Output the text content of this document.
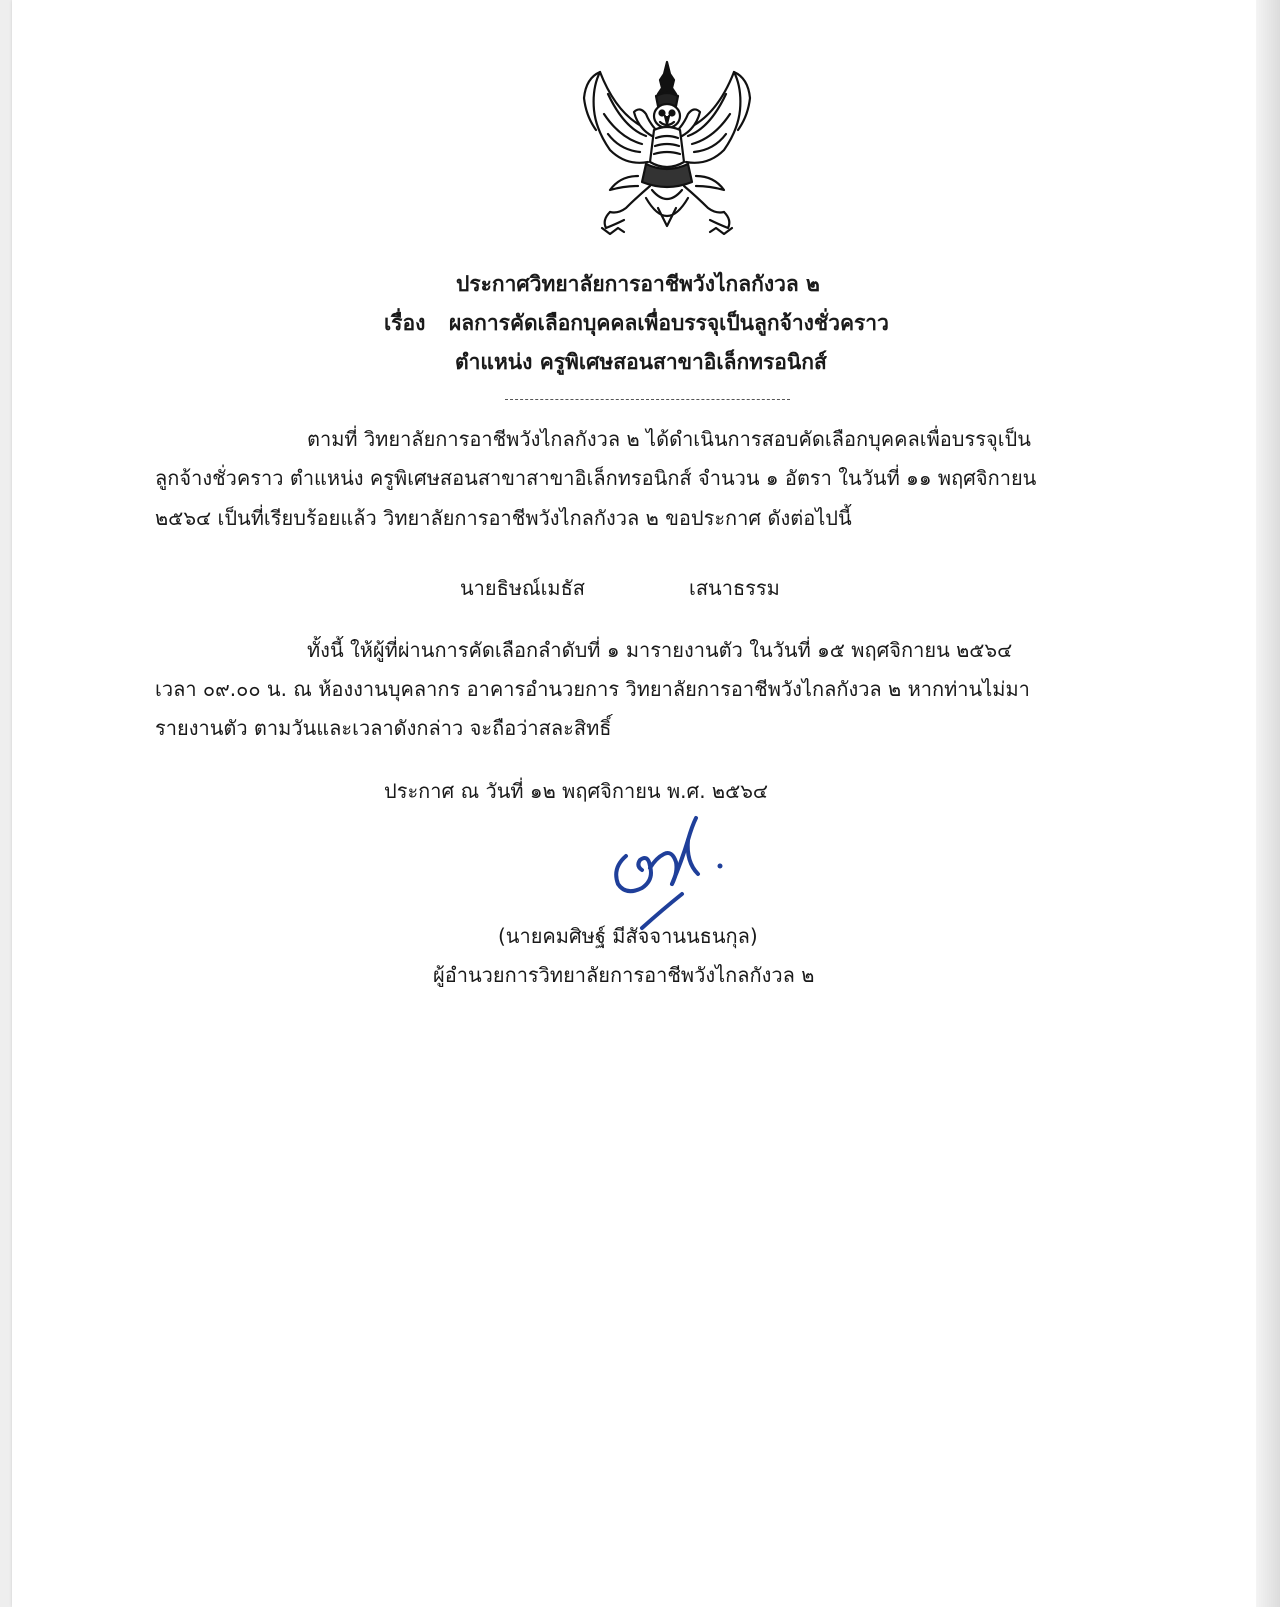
ประกาศวิทยาลัยการอาชีพวังไกลกังวล ๒
เรื่อง ผลการคัดเลือกบุคคลเพื่อบรรจุเป็นลูกจ้างชั่วคราว
ตำแหน่ง ครูพิเศษสอนสาขาอิเล็กทรอนิกส์
ตามที่ วิทยาลัยการอาชีพวังไกลกังวล ๒ ได้ดำเนินการสอบคัดเลือกบุคคลเพื่อบรรจุเป็น
ลูกจ้างชั่วคราว ตำแหน่ง ครูพิเศษสอนสาขาสาขาอิเล็กทรอนิกส์ จำนวน ๑ อัตรา ในวันที่ ๑๑ พฤศจิกายน
๒๕๖๔ เป็นที่เรียบร้อยแล้ว วิทยาลัยการอาชีพวังไกลกังวล ๒ ขอประกาศ ดังต่อไปนี้
นายธิษณ์เมธัส	เสนาธรรม
ทั้งนี้ ให้ผู้ที่ผ่านการคัดเลือกลำดับที่ ๑ มารายงานตัว ในวันที่ ๑๕ พฤศจิกายน ๒๕๖๔
เวลา ๐๙.๐๐ น. ณ ห้องงานบุคลากร อาคารอำนวยการ วิทยาลัยการอาชีพวังไกลกังวล ๒ หากท่านไม่มา
รายงานตัว ตามวันและเวลาดังกล่าว จะถือว่าสละสิทธิ์
ประกาศ ณ วันที่ ๑๒ พฤศจิกายน พ.ศ. ๒๕๖๔
(นายคมศิษฐ์ มีสัจจานนธนกุล)
ผู้อำนวยการวิทยาลัยการอาชีพวังไกลกังวล ๒
